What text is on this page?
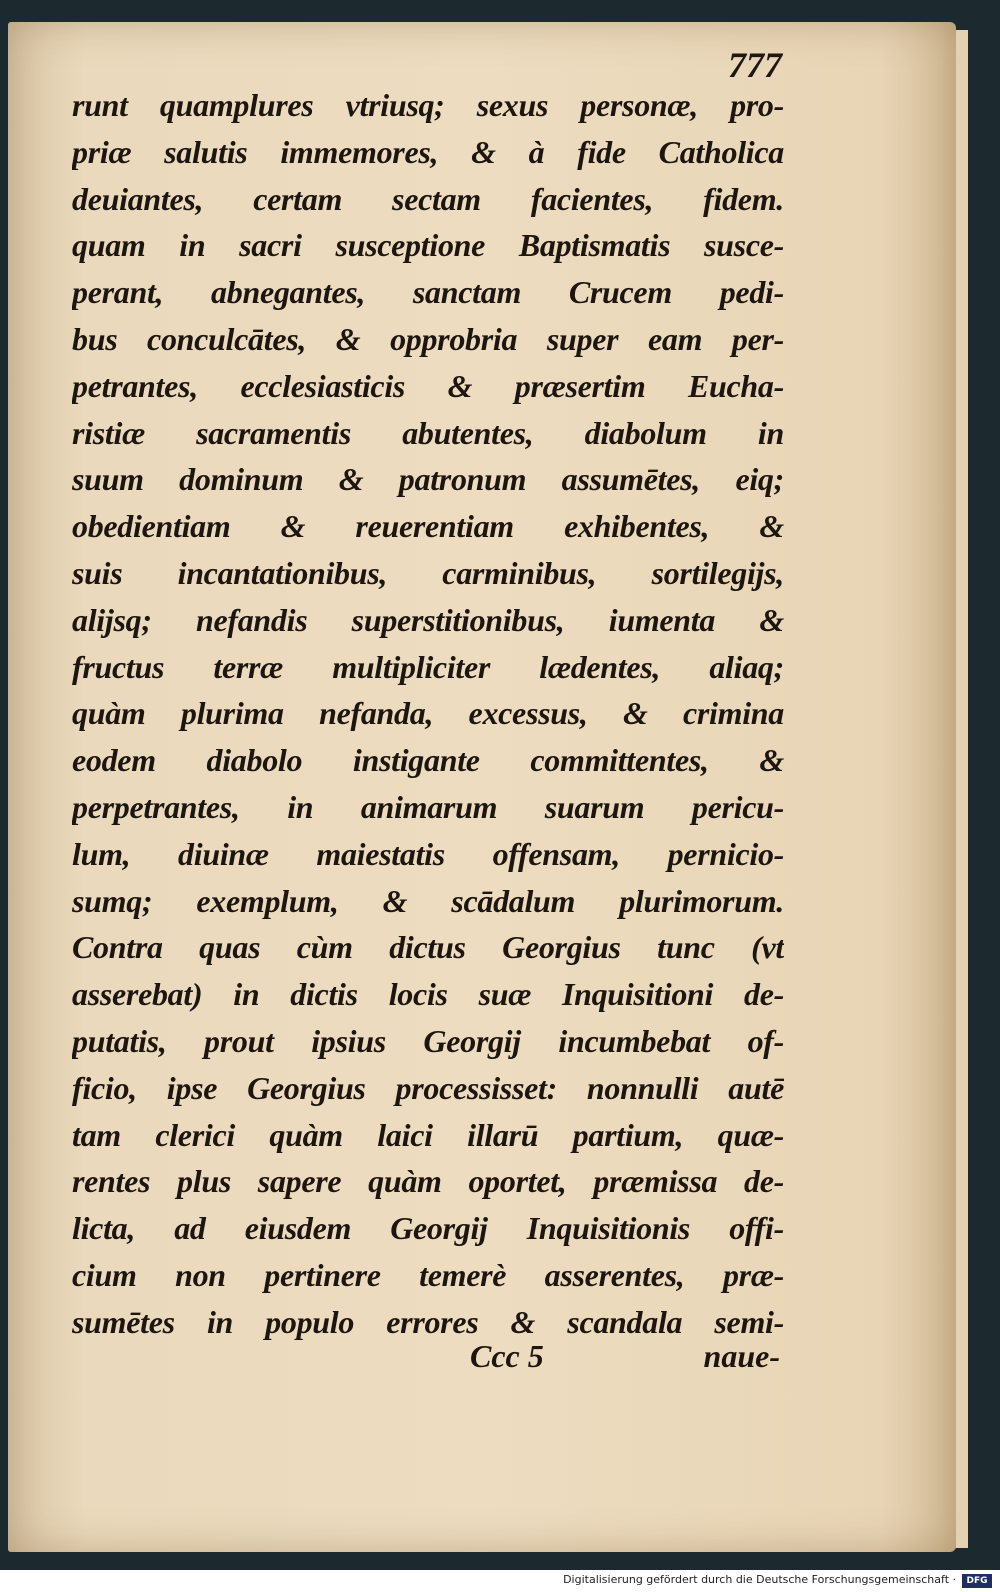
777
runt quamplures vtriusq; sexus personæ, pro-
priæ salutis immemores, & à fide Catholica
deuiantes, certam sectam facientes, fidem.
quam in sacri susceptione Baptismatis susce-
perant, abnegantes, sanctam Crucem pedi-
bus conculcātes, & opprobria super eam per-
petrantes, ecclesiasticis & præsertim Eucha-
ristiæ sacramentis abutentes, diabolum in
suum dominum & patronum assumētes, eiq;
obedientiam & reuerentiam exhibentes, &
suis incantationibus, carminibus, sortilegijs,
alijsq; nefandis superstitionibus, iumenta &
fructus terræ multipliciter lædentes, aliaq;
quàm plurima nefanda, excessus, & crimina
eodem diabolo instigante committentes, &
perpetrantes, in animarum suarum pericu-
lum, diuinæ maiestatis offensam, pernicio-
sumq; exemplum, & scādalum plurimorum.
Contra quas cùm dictus Georgius tunc (vt
asserebat) in dictis locis suæ Inquisitioni de-
putatis, prout ipsius Georgij incumbebat of-
ficio, ipse Georgius processisset: nonnulli autē
tam clerici quàm laici illarū partium, quæ-
rentes plus sapere quàm oportet, præmissa de-
licta, ad eiusdem Georgij Inquisitionis offi-
cium non pertinere temerè asserentes, præ-
sumētes in populo errores & scandala semi-
Ccc 5	naue-
Digitalisierung gefördert durch die Deutsche Forschungsgemeinschaft ·	DFG
